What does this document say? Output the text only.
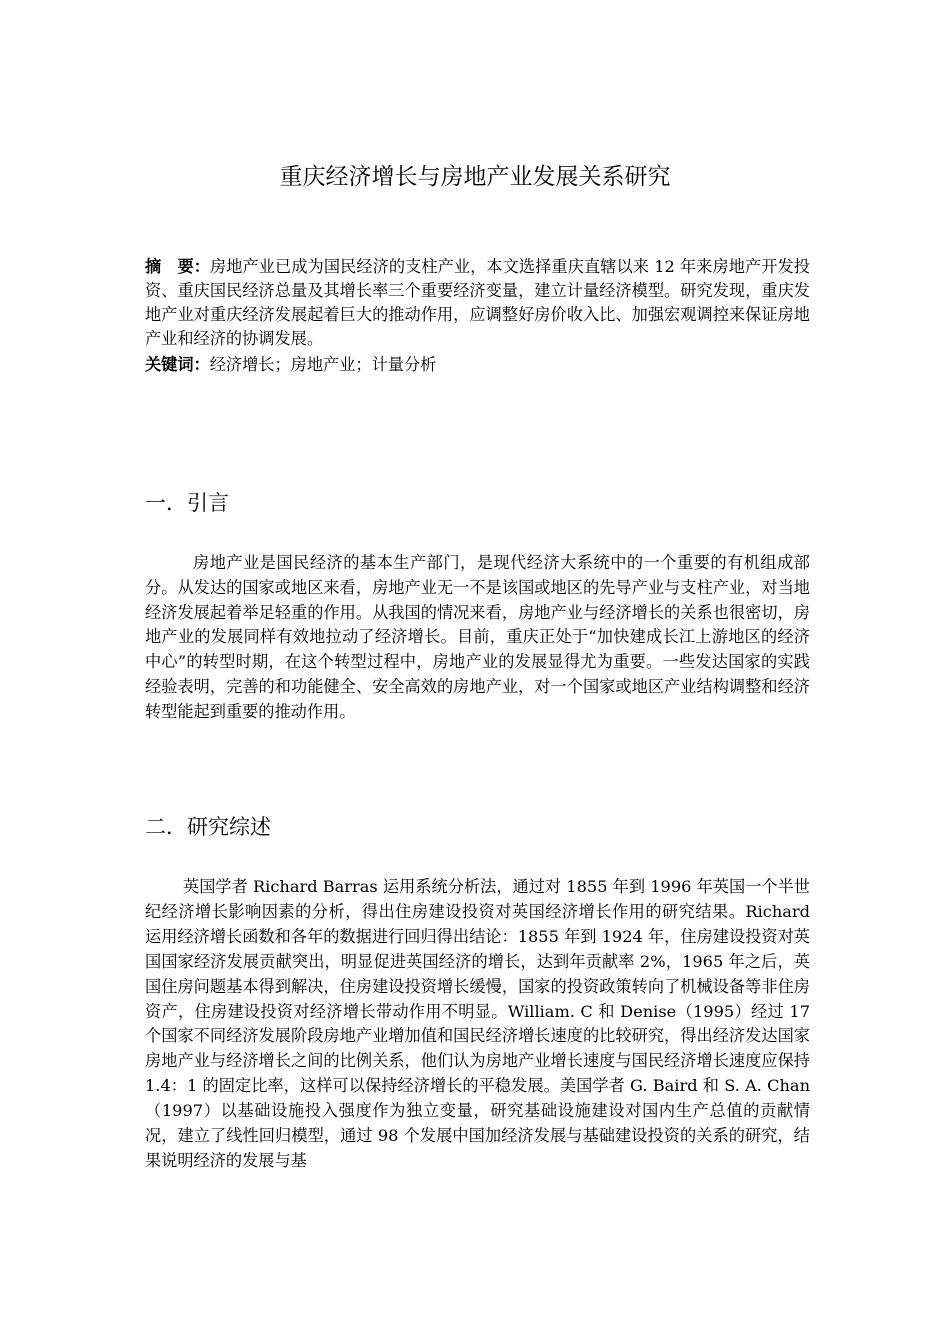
重庆经济增长与房地产业发展关系研究

摘　要：房地产业已成为国民经济的支柱产业，本文选择重庆直辖以来 12 年来房地产开发投资、重庆国民经济总量及其增长率三个重要经济变量，建立计量经济模型。研究发现，重庆发地产业对重庆经济发展起着巨大的推动作用，应调整好房价收入比、加强宏观调控来保证房地产业和经济的协调发展。

关键词：经济增长；房地产业；计量分析

一．引言

房地产业是国民经济的基本生产部门，是现代经济大系统中的一个重要的有机组成部分。从发达的国家或地区来看，房地产业无一不是该国或地区的先导产业与支柱产业，对当地经济发展起着举足轻重的作用。从我国的情况来看，房地产业与经济增长的关系也很密切，房地产业的发展同样有效地拉动了经济增长。目前，重庆正处于“加快建成长江上游地区的经济中心”的转型时期，在这个转型过程中，房地产业的发展显得尤为重要。一些发达国家的实践经验表明，完善的和功能健全、安全高效的房地产业，对一个国家或地区产业结构调整和经济转型能起到重要的推动作用。

二．研究综述

英国学者 Richard Barras 运用系统分析法，通过对 1855 年到 1996 年英国一个半世纪经济增长影响因素的分析，得出住房建设投资对英国经济增长作用的研究结果。Richard 运用经济增长函数和各年的数据进行回归得出结论：1855 年到 1924 年，住房建设投资对英国国家经济发展贡献突出，明显促进英国经济的增长，达到年贡献率 2%，1965 年之后，英国住房问题基本得到解决，住房建设投资增长缓慢，国家的投资政策转向了机械设备等非住房资产，住房建设投资对经济增长带动作用不明显。William. C 和 Denise（1995）经过 17 个国家不同经济发展阶段房地产业增加值和国民经济增长速度的比较研究，得出经济发达国家房地产业与经济增长之间的比例关系，他们认为房地产业增长速度与国民经济增长速度应保持 1.4：1 的固定比率，这样可以保持经济增长的平稳发展。美国学者 G. Baird 和 S. A. Chan（1997）以基础设施投入强度作为独立变量，研究基础设施建设对国内生产总值的贡献情况，建立了线性回归模型，通过 98 个发展中国加经济发展与基础建设投资的关系的研究，结果说明经济的发展与基
